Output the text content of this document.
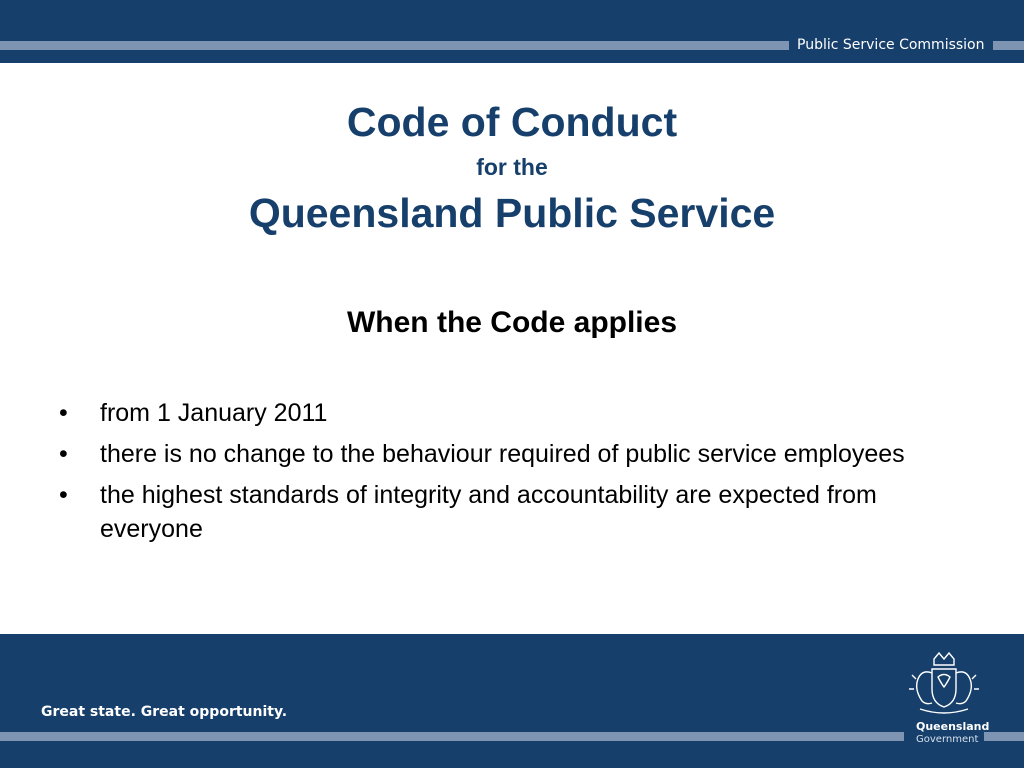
Public Service Commission
Code of Conduct
for the
Queensland Public Service
When the Code applies
• from 1 January 2011
• there is no change to the behaviour required of public service employees
• the highest standards of integrity and accountability are expected from everyone
Great state. Great opportunity.
Queensland
Government
